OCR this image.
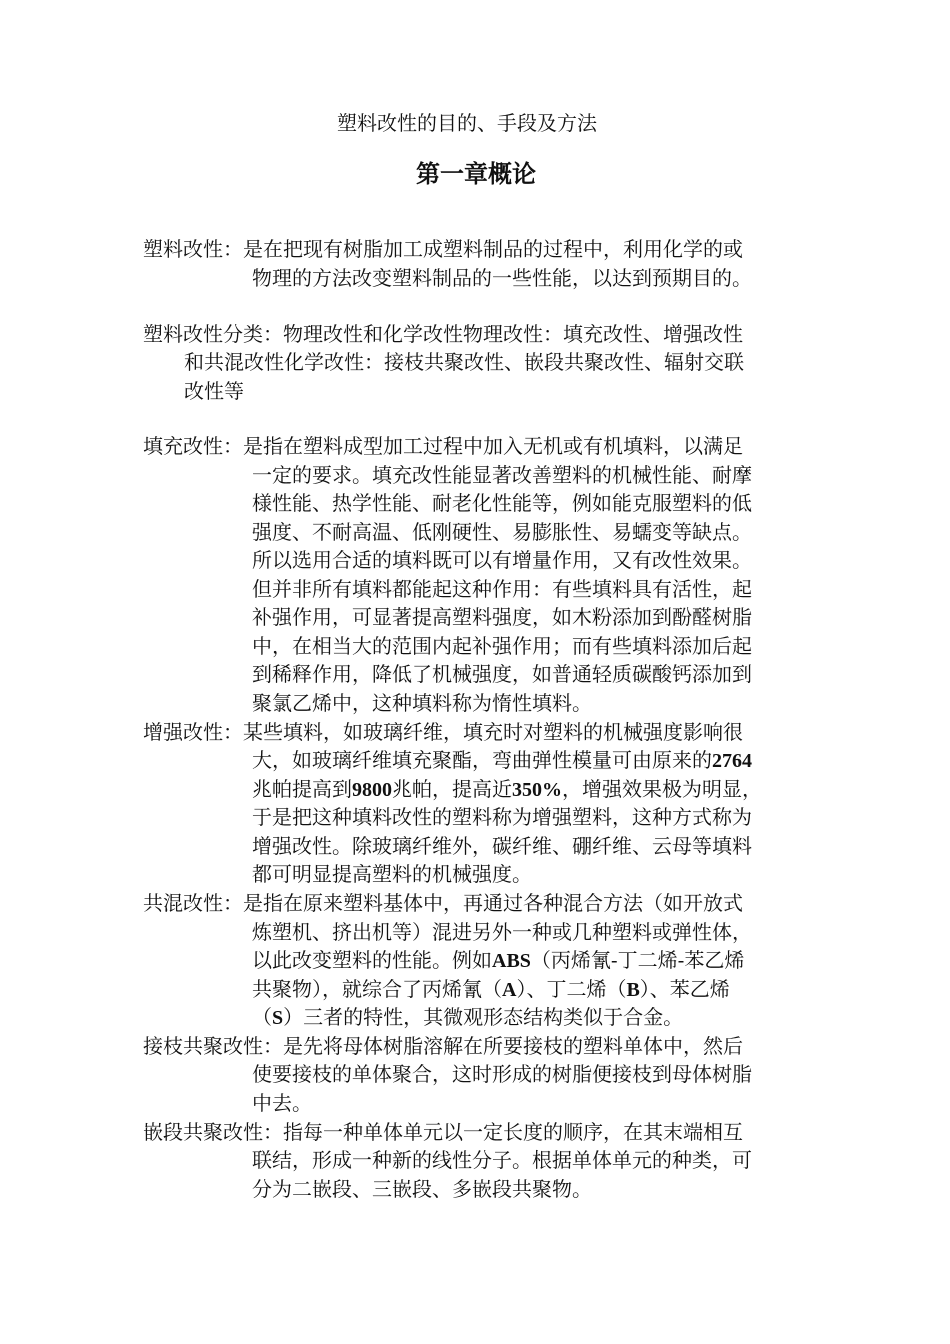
塑料改性的目的、手段及方法
第一章概论
塑料改性：是在把现有树脂加工成塑料制品的过程中，利用化学的或
物理的方法改变塑料制品的一些性能，以达到预期目的。
塑料改性分类：物理改性和化学改性物理改性：填充改性、增强改性
和共混改性化学改性：接枝共聚改性、嵌段共聚改性、辐射交联
改性等
填充改性：是指在塑料成型加工过程中加入无机或有机填料，以满足
一定的要求。填充改性能显著改善塑料的机械性能、耐摩
様性能、热学性能、耐老化性能等，例如能克服塑料的低
强度、不耐高温、低刚硬性、易膨胀性、易蠕变等缺点。
所以选用合适的填料既可以有增量作用，又有改性效果。
但并非所有填料都能起这种作用：有些填料具有活性，起
补强作用，可显著提高塑料强度，如木粉添加到酚醛树脂
中，在相当大的范围内起补强作用；而有些填料添加后起
到稀释作用，降低了机械强度，如普通轻质碳酸钙添加到
聚氯乙烯中，这种填料称为惰性填料。
增强改性：某些填料，如玻璃纤维，填充时对塑料的机械强度影响很
大，如玻璃纤维填充聚酯，弯曲弹性模量可由原来的2764
兆帕提高到9800兆帕，提高近350%，增强效果极为明显，
于是把这种填料改性的塑料称为增强塑料，这种方式称为
增强改性。除玻璃纤维外，碳纤维、硼纤维、云母等填料
都可明显提高塑料的机械强度。
共混改性：是指在原来塑料基体中，再通过各种混合方法（如开放式
炼塑机、挤出机等）混进另外一种或几种塑料或弹性体，
以此改变塑料的性能。例如ABS（丙烯氰-丁二烯-苯乙烯
共聚物），就综合了丙烯氰（A）、丁二烯（B）、苯乙烯
（S）三者的特性，其微观形态结构类似于合金。
接枝共聚改性：是先将母体树脂溶解在所要接枝的塑料单体中，然后
使要接枝的单体聚合，这时形成的树脂便接枝到母体树脂
中去。
嵌段共聚改性：指每一种单体单元以一定长度的顺序，在其末端相互
联结，形成一种新的线性分子。根据单体单元的种类，可
分为二嵌段、三嵌段、多嵌段共聚物。
